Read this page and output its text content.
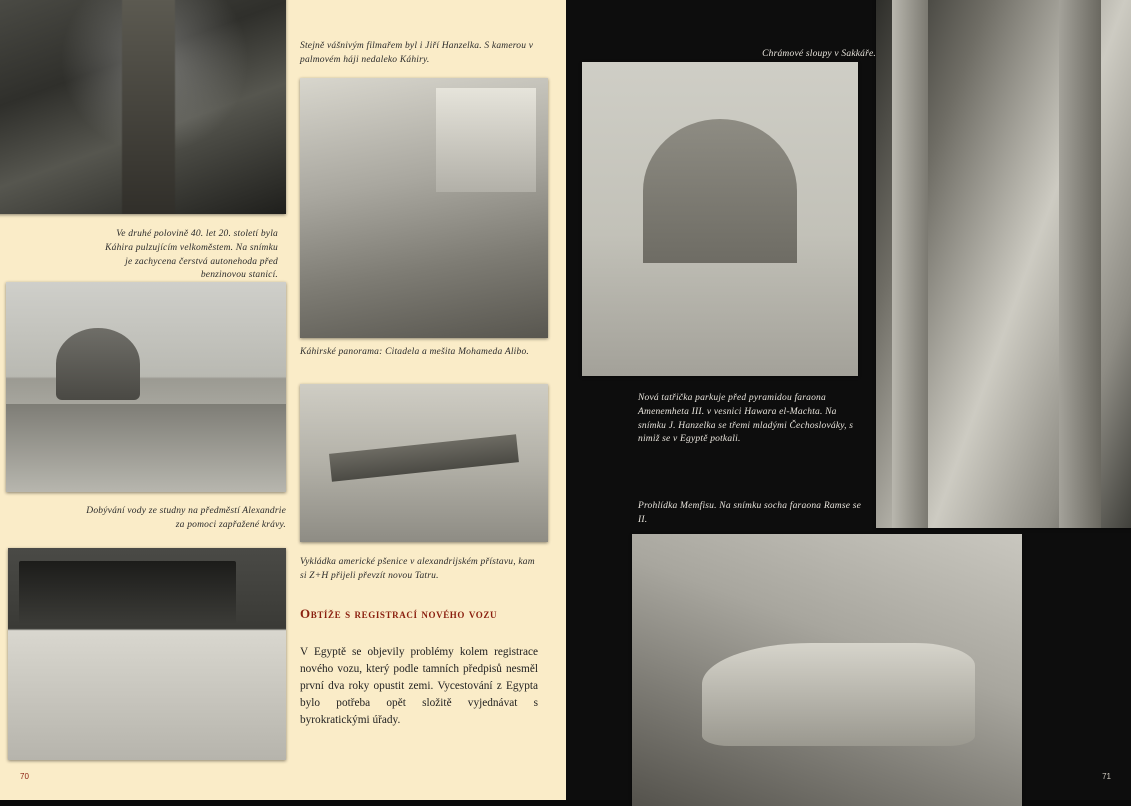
Ve druhé polovině 40. let 20. století byla Káhira pulzujícím velkoměstem. Na snímku je zachycena čerstvá autonehoda před benzinovou stanicí.
Dobývání vody ze studny na předměstí Alexandrie za pomoci zapřažené krávy.
Stejně vášnivým filmařem byl i Jiří Hanzelka. S kamerou v palmovém háji nedaleko Káhiry.
Káhirské panorama: Citadela a mešita Mohameda Alibo.
Vykládka americké pšenice v alexandrijském přístavu, kam si Z+H přijeli převzít novou Tatru.
Obtíže s registrací nového vozu
V Egyptě se objevily problémy kolem registrace nového vozu, který podle tamních předpisů nesměl první dva roky opustit zemi. Vycestování z Egypta bylo potřeba opět složitě vyjednávat s byrokratickými úřady.
70
Chrámové sloupy v Sakkáře.
Nová tatřička parkuje před pyramidou faraona Amenemheta III. v vesnici Hawara el-Machta. Na snímku J. Hanzelka se třemi mladými Čechoslováky, s nimiž se v Egyptě potkali.
Prohlídka Memfisu. Na snímku socha faraona Ramse se II.
71
